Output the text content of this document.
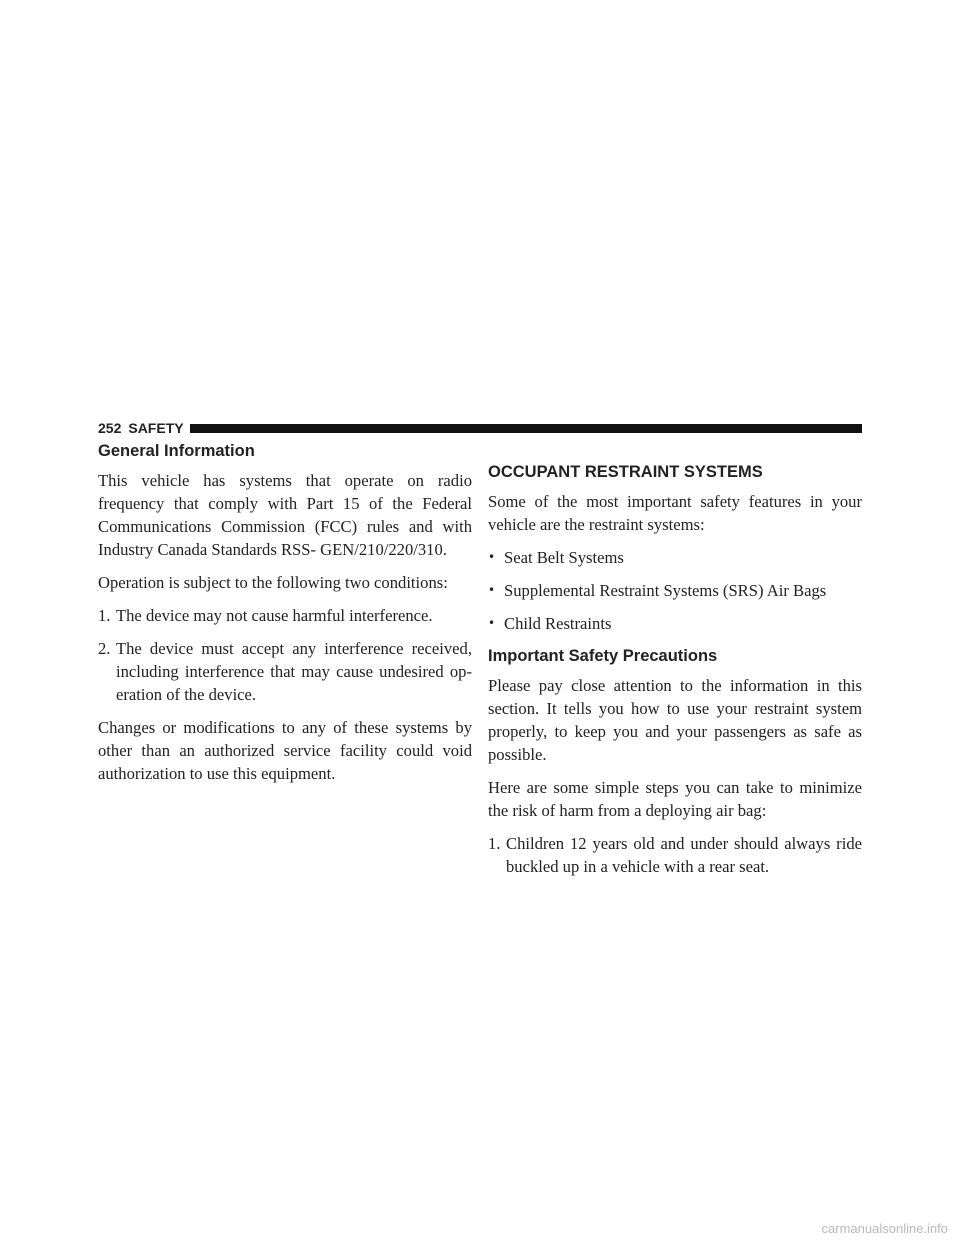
252 SAFETY
General Information

This vehicle has systems that operate on radio frequency that comply with Part 15 of the Federal Communications Commission (FCC) rules and with Industry Canada Standards RSS- GEN/210/220/310.

Operation is subject to the following two conditions:

1. The device may not cause harmful interference.
2. The device must accept any interference received, including interference that may cause undesired op- eration of the device.

Changes or modifications to any of these systems by other than an authorized service facility could void authorization to use this equipment.

OCCUPANT RESTRAINT SYSTEMS

Some of the most important safety features in your vehicle are the restraint systems:

• Seat Belt Systems
• Supplemental Restraint Systems (SRS) Air Bags
• Child Restraints
Important Safety Precautions

Please pay close attention to the information in this section. It tells you how to use your restraint system properly, to keep you and your passengers as safe as possible.

Here are some simple steps you can take to minimize the risk of harm from a deploying air bag:

1. Children 12 years old and under should always ride buckled up in a vehicle with a rear seat.
carmanualsonline.info
